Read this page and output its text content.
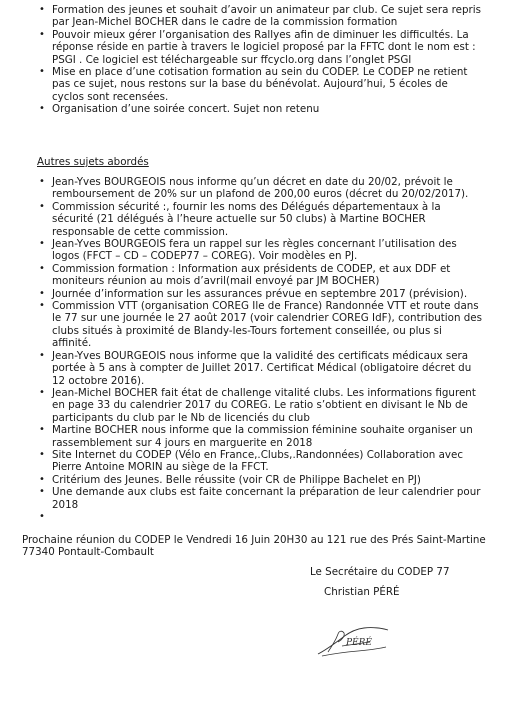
• Formation des jeunes et souhait d’avoir un animateur par club. Ce sujet sera repris par Jean-Michel BOCHER dans le cadre de la commission formation
• Pouvoir mieux gérer l’organisation des Rallyes afin de diminuer les difficultés. La réponse réside en partie à travers le logiciel proposé par la FFTC dont le nom est : PSGI . Ce logiciel est téléchargeable sur ffcyclo.org dans l’onglet PSGI
• Mise en place d’une cotisation formation au sein du CODEP. Le CODEP ne retient pas ce sujet, nous restons sur la base du bénévolat. Aujourd’hui, 5 écoles de cyclos sont recensées.
• Organisation d’une soirée concert. Sujet non retenu
Autres sujets abordés
• Jean-Yves BOURGEOIS nous informe qu’un décret en date du 20/02, prévoit le remboursement de 20% sur un plafond de 200,00 euros (décret du 20/02/2017).
• Commission sécurité :, fournir les noms des Délégués départementaux à la sécurité (21 délégués à l’heure actuelle sur 50 clubs) à Martine BOCHER responsable de cette commission.
• Jean-Yves BOURGEOIS fera un rappel sur les règles concernant l’utilisation des logos (FFCT – CD – CODEP77 – COREG). Voir modèles en PJ.
• Commission formation : Information aux présidents de CODEP, et aux DDF et moniteurs réunion au mois d’avril(mail envoyé par JM BOCHER)
• Journée d’information sur les assurances prévue en septembre 2017 (prévision).
• Commission VTT (organisation COREG Ile de France) Randonnée VTT et route dans le 77 sur une journée le 27 août 2017 (voir calendrier COREG IdF), contribution des clubs situés à proximité de Blandy-les-Tours fortement conseillée, ou plus si affinité.
• Jean-Yves BOURGEOIS nous informe que la validité des certificats médicaux sera portée à 5 ans à compter de Juillet 2017. Certificat Médical (obligatoire décret du 12 octobre 2016).
• Jean-Michel BOCHER fait état de challenge vitalité clubs. Les informations figurent en page 33 du calendrier 2017 du COREG. Le ratio s’obtient en divisant le Nb de participants du club par le Nb de licenciés du club
• Martine BOCHER nous informe que la commission féminine souhaite organiser un rassemblement sur 4 jours en marguerite en 2018
• Site Internet du CODEP (Vélo en France,.Clubs,.Randonnées) Collaboration avec Pierre Antoine MORIN au siège de la FFCT.
• Critérium des Jeunes. Belle réussite (voir CR de Philippe Bachelet en PJ)
• Une demande aux clubs est faite concernant la préparation de leur calendrier pour 2018
•

Prochaine réunion du CODEP le Vendredi 16 Juin 20H30 au 121 rue des Prés Saint-Martine 77340 Pontault-Combault
Le Secrétaire du CODEP 77
Christian PÉRÉ
PÉRÉ
